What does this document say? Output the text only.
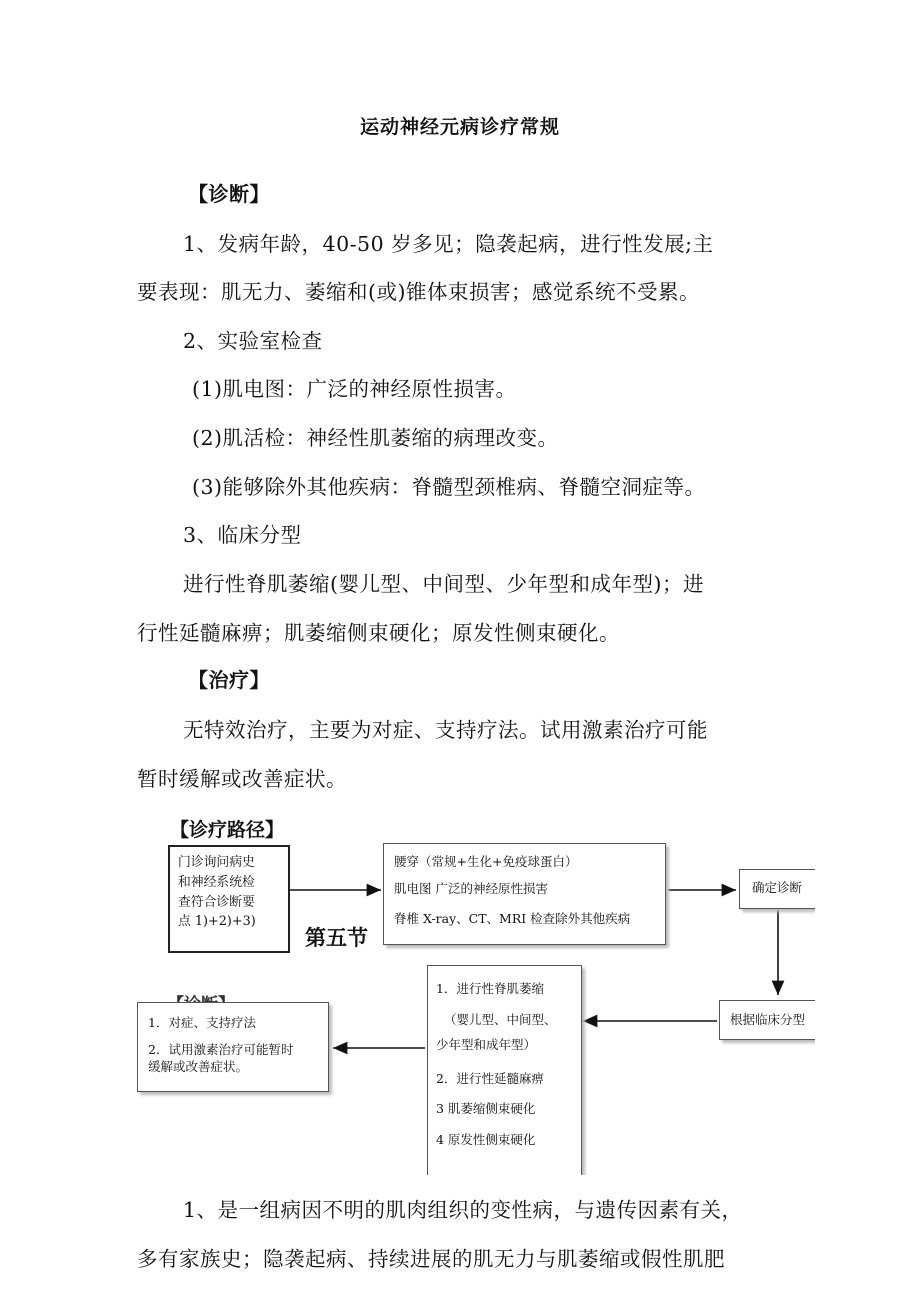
运动神经元病诊疗常规
【诊断】
1、发病年龄，40-50 岁多见；隐袭起病，进行性发展;主
要表现：肌无力、萎缩和(或)锥体束损害；感觉系统不受累。
2、实验室检查
(1)肌电图：广泛的神经原性损害。
(2)肌活检：神经性肌萎缩的病理改变。
(3)能够除外其他疾病：脊髓型颈椎病、脊髓空洞症等。
3、临床分型
进行性脊肌萎缩(婴儿型、中间型、少年型和成年型)；进
行性延髓麻痹；肌萎缩侧束硬化；原发性侧束硬化。
【治疗】
无特效治疗，主要为对症、支持疗法。试用激素治疗可能
暂时缓解或改善症状。
【诊疗路径】
第五节

门诊询问病史

和神经系统检

查符合诊断要

点 1)+2)+3)

腰穿（常规+生化+免疫球蛋白）

肌电图 广泛的神经原性损害

脊椎 X-ray、CT、MRI 检查除外其他疾病

确定诊断

根据临床分型

1．进行性脊肌萎缩

（婴儿型、中间型、

少年型和成年型）

2．进行性延髓麻痹

3 肌萎缩侧束硬化

4 原发性侧束硬化

1．对症、支持疗法

2．试用激素治疗可能暂时

缓解或改善症状。

1、是一组病因不明的肌肉组织的变性病，与遗传因素有关，
多有家族史；隐袭起病、持续进展的肌无力与肌萎缩或假性肌肥
